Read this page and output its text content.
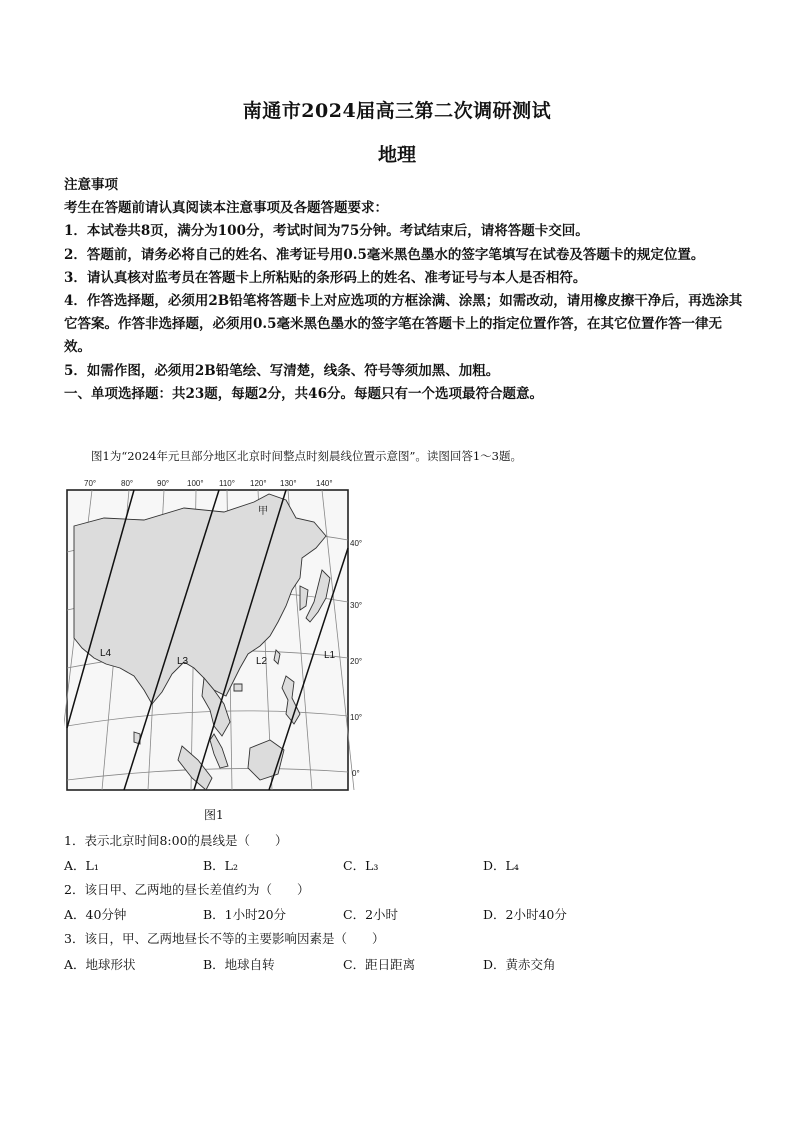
南通市2024届高三第二次调研测试
地理

注意事项

考生在答题前请认真阅读本注意事项及各题答题要求：

1．本试卷共8页，满分为100分，考试时间为75分钟。考试结束后，请将答题卡交回。

2．答题前，请务必将自己的姓名、准考证号用0.5毫米黑色墨水的签字笔填写在试卷及答题卡的规定位置。

3．请认真核对监考员在答题卡上所粘贴的条形码上的姓名、准考证号与本人是否相符。

4．作答选择题，必须用2B铅笔将答题卡上对应选项的方框涂满、涂黑；如需改动，请用橡皮擦干净后，再选涂其它答案。作答非选择题，必须用0.5毫米黑色墨水的签字笔在答题卡上的指定位置作答，在其它位置作答一律无效。

5．如需作图，必须用2B铅笔绘、写清楚，线条、符号等须加黑、加粗。

一、单项选择题：共23题，每题2分，共46分。每题只有一个选项最符合题意。

图1为“2024年元旦部分地区北京时间整点时刻晨线位置示意图”。读图回答1～3题。
70°	80°	90° 100° 110° 120° 130° 140°
L4
L3	L2
L1
甲
40°
30°
20°
10°
0°
图1
1．表示北京时间8:00的晨线是（　　）
A．L₁	B．L₂	C．L₃	D．L₄
2．该日甲、乙两地的昼长差值约为（　　）
A．40分钟	B．1小时20分	C．2小时	D．2小时40分
3．该日，甲、乙两地昼长不等的主要影响因素是（　　）
A．地球形状	B．地球自转	C．距日距离	D．黄赤交角
